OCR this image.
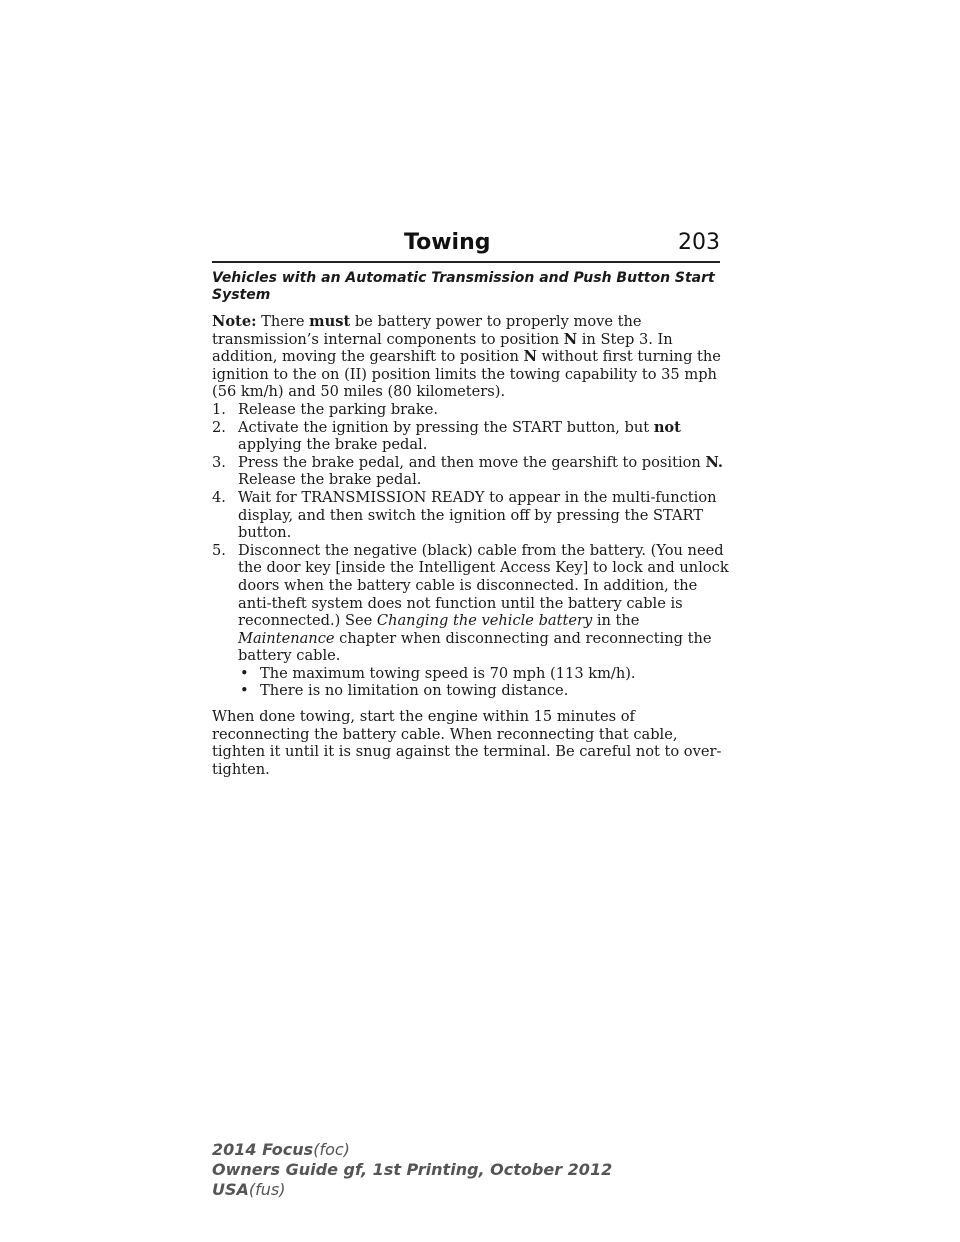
Towing	203
Vehicles with an Automatic Transmission and Push Button Start System

Note: There must be battery power to properly move the transmission’s internal components to position N in Step 3. In addition, moving the gearshift to position N without first turning the ignition to the on (II) position limits the towing capability to 35 mph (56 km/h) and 50 miles (80 kilometers).

1. Release the parking brake.
2. Activate the ignition by pressing the START button, but not applying the brake pedal.
3. Press the brake pedal, and then move the gearshift to position N. Release the brake pedal.
4. Wait for TRANSMISSION READY to appear in the multi-function display, and then switch the ignition off by pressing the START button.
5. Disconnect the negative (black) cable from the battery. (You need the door key [inside the Intelligent Access Key] to lock and unlock doors when the battery cable is disconnected. In addition, the anti-theft system does not function until the battery cable is reconnected.) See Changing the vehicle battery in the Maintenance chapter when disconnecting and reconnecting the battery cable.
• The maximum towing speed is 70 mph (113 km/h).
• There is no limitation on towing distance.

When done towing, start the engine within 15 minutes of reconnecting the battery cable. When reconnecting that cable, tighten it until it is snug against the terminal. Be careful not to over-tighten.

2014 Focus(foc)
Owners Guide gf, 1st Printing, October 2012
USA(fus)
